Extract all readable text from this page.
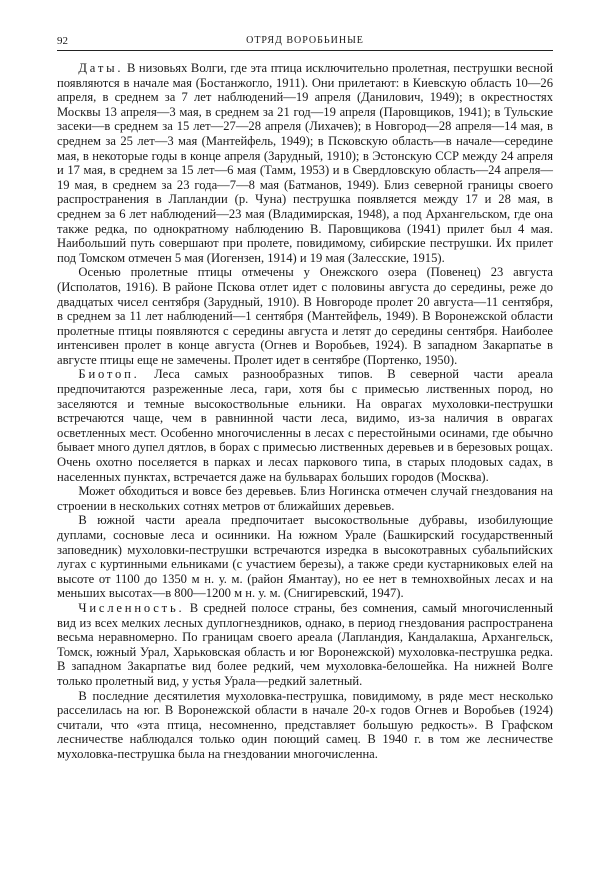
92	ОТРЯД ВОРОБЬИНЫЕ

Даты. В низовьях Волги, где эта птица исключительно пролетная, пеструшки весной появляются в начале мая (Бостанжогло, 1911). Они прилетают: в Киевскую область 10—26 апреля, в среднем за 7 лет наблюдений—19 апреля (Данилович, 1949); в окрестностях Москвы 13 апреля—3 мая, в среднем за 21 год—19 апреля (Паровщиков, 1941); в Тульские засеки—в среднем за 15 лет—27—28 апреля (Лихачев); в Новгород—28 апреля—14 мая, в среднем за 25 лет—3 мая (Мантейфель, 1949); в Псковскую область—в начале—середине мая, в некоторые годы в конце апреля (Зарудный, 1910); в Эстонскую ССР между 24 апреля и 17 мая, в среднем за 15 лет—6 мая (Тамм, 1953) и в Свердловскую область—24 апреля—19 мая, в среднем за 23 года—7—8 мая (Батманов, 1949). Близ северной границы своего распространения в Лапландии (р. Чуна) пеструшка появляется между 17 и 28 мая, в среднем за 6 лет наблюдений—23 мая (Владимирская, 1948), а под Архангельском, где она также редка, по однократному наблюдению В. Паровщикова (1941) прилет был 4 мая. Наибольший путь совершают при пролете, повидимому, сибирские пеструшки. Их прилет под Томском отмечен 5 мая (Иогензен, 1914) и 19 мая (Залесские, 1915).

Осенью пролетные птицы отмечены у Онежского озера (Повенец) 23 августа (Исполатов, 1916). В районе Пскова отлет идет с половины августа до середины, реже до двадцатых чисел сентября (Зарудный, 1910). В Новгороде пролет 20 августа—11 сентября, в среднем за 11 лет наблюдений—1 сентября (Мантейфель, 1949). В Воронежской области пролетные птицы появляются с середины августа и летят до середины сентября. Наиболее интенсивен пролет в конце августа (Огнев и Воробьев, 1924). В западном Закарпатье в августе птицы еще не замечены. Пролет идет в сентябре (Портенко, 1950).

Биотоп. Леса самых разнообразных типов. В северной части ареала предпочитаются разреженные леса, гари, хотя бы с примесью лиственных пород, но заселяются и темные высокоствольные ельники. На оврагах мухоловки-пеструшки встречаются чаще, чем в равнинной части леса, видимо, из-за наличия в оврагах осветленных мест. Особенно многочисленны в лесах с перестойными осинами, где обычно бывает много дупел дятлов, в борах с примесью лиственных деревьев и в березовых рощах. Очень охотно поселяется в парках и лесах паркового типа, в старых плодовых садах, в населенных пунктах, встречается даже на бульварах больших городов (Москва).

Может обходиться и вовсе без деревьев. Близ Ногинска отмечен случай гнездования на строении в нескольких сотнях метров от ближайших деревьев.

В южной части ареала предпочитает высокоствольные дубравы, изобилующие дуплами, сосновые леса и осинники. На южном Урале (Башкирский государственный заповедник) мухоловки-пеструшки встречаются изредка в высокотравных субальпийских лугах с куртинными ельниками (с участием березы), а также среди кустарниковых елей на высоте от 1100 до 1350 м н. у. м. (район Ямантау), но ее нет в темнохвойных лесах и на меньших высотах—в 800—1200 м н. у. м. (Снигиревский, 1947).

Численность. В средней полосе страны, без сомнения, самый многочисленный вид из всех мелких лесных дуплогнездников, однако, в период гнездования распространена весьма неравномерно. По границам своего ареала (Лапландия, Кандалакша, Архангельск, Томск, южный Урал, Харьковская область и юг Воронежской) мухоловка-пеструшка редка. В западном Закарпатье вид более редкий, чем мухоловка-белошейка. На нижней Волге только пролетный вид, у устья Урала—редкий залетный.

В последние десятилетия мухоловка-пеструшка, повидимому, в ряде мест несколько расселилась на юг. В Воронежской области в начале 20-х годов Огнев и Воробьев (1924) считали, что «эта птица, несомненно, представляет большую редкость». В Графском лесничестве наблюдался только один поющий самец. В 1940 г. в том же лесничестве мухоловка-пеструшка была на гнездовании многочисленна.
